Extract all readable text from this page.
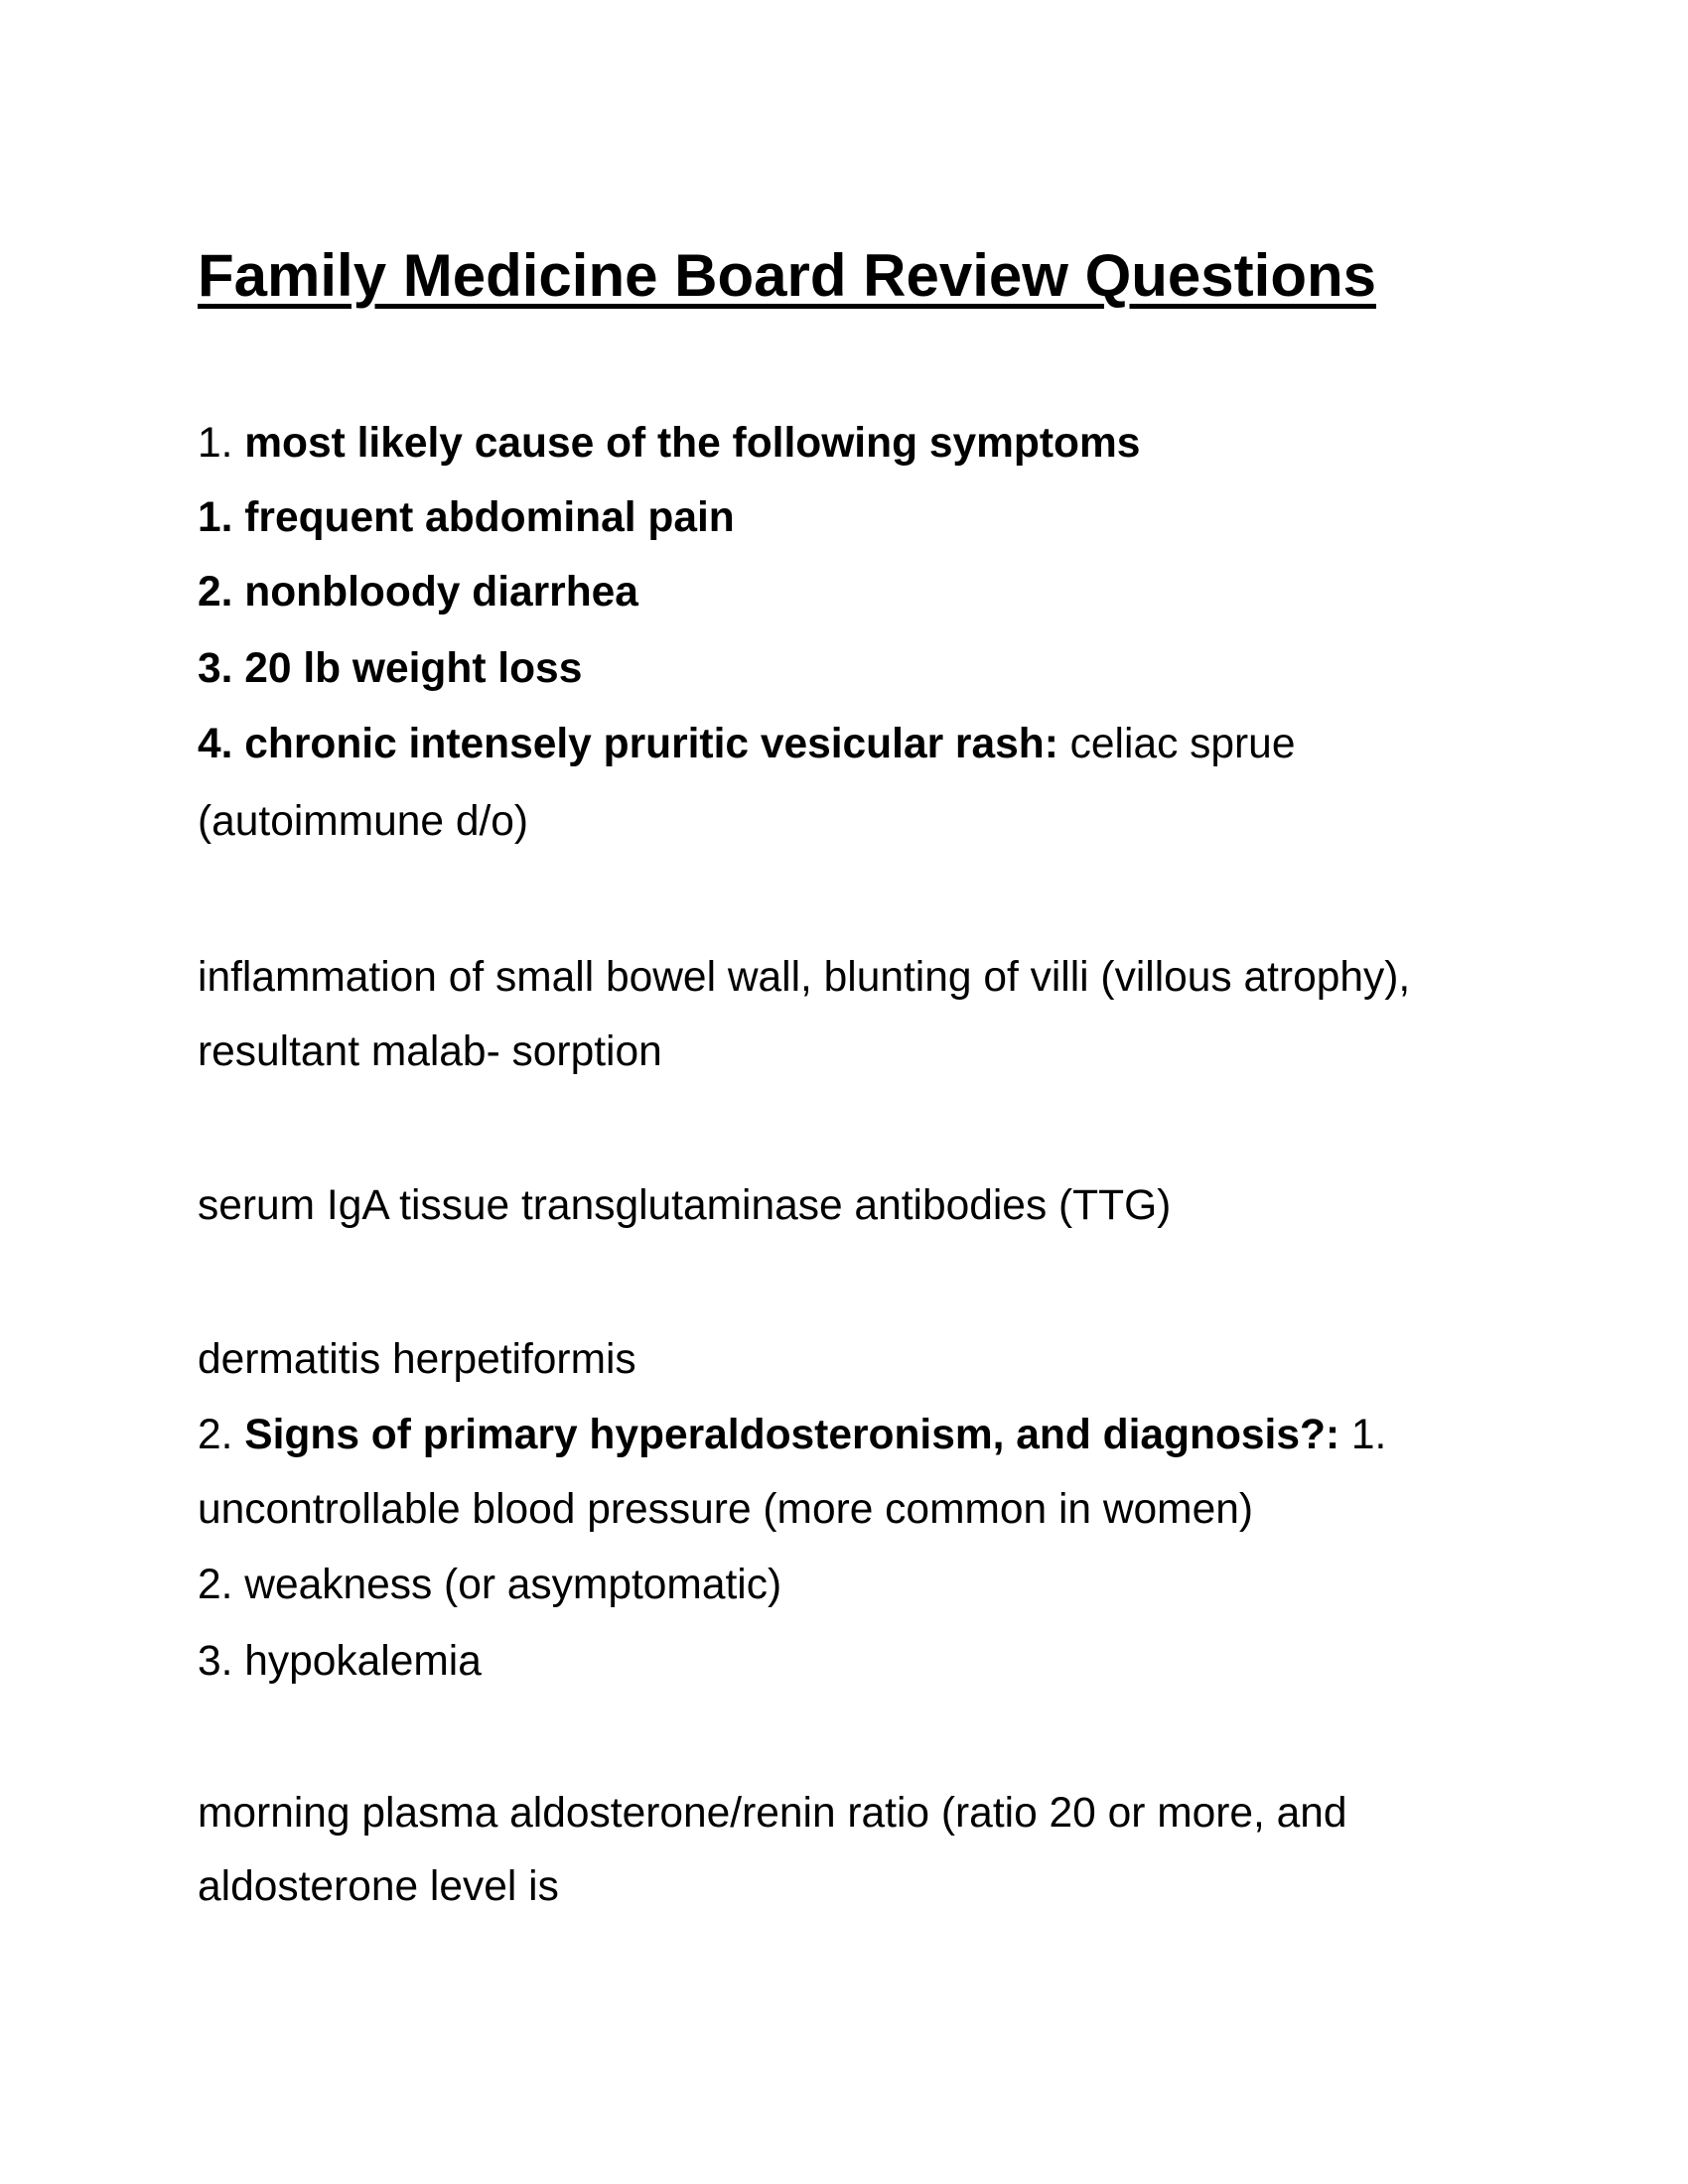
Family Medicine Board Review Questions
1. most likely cause of the following symptoms
1. frequent abdominal pain
2. nonbloody diarrhea
3. 20 lb weight loss
4. chronic intensely pruritic vesicular rash: celiac sprue
(autoimmune d/o)
inflammation of small bowel wall, blunting of villi (villous atrophy),
resultant malab- sorption
serum IgA tissue transglutaminase antibodies (TTG)
dermatitis herpetiformis
2. Signs of primary hyperaldosteronism, and diagnosis?: 1.
uncontrollable blood pressure (more common in women)
2. weakness (or asymptomatic)
3. hypokalemia
morning plasma aldosterone/renin ratio (ratio 20 or more, and
aldosterone level is
